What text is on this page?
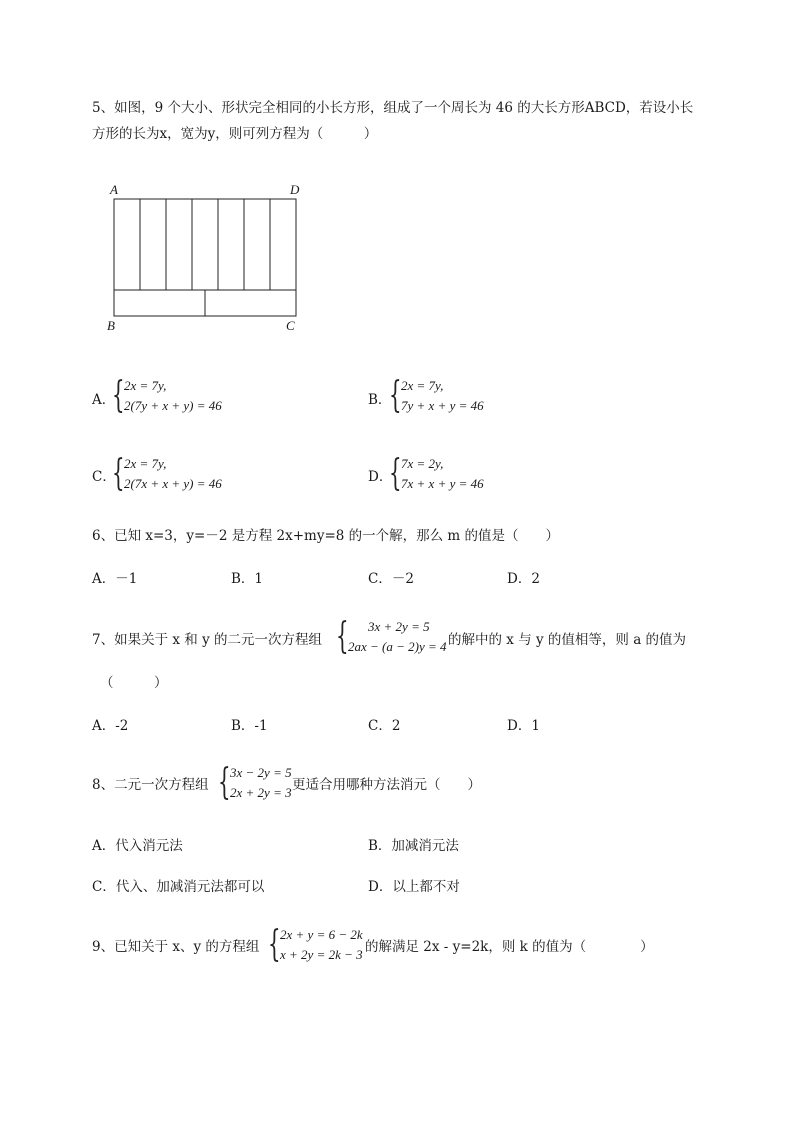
5、如图，9 个大小、形状完全相同的小长方形，组成了一个周长为 46 的大长方形ABCD，若设小长
方形的长为x，宽为y，则可列方程为（　　　）
A	D
B	C
A．
{ 2x = 7y,
2(7y + x + y) = 46	B．
{ 2x = 7y,
7y + x + y = 46
C．
{ 2x = 7y,
2(7x + x + y) = 46	D．
{ 7x = 2y,
7x + x + y = 46
6、已知 x=3，y=－2 是方程 2x+my=8 的一个解，那么 m 的值是（　　）
A．－1	B．1	C．－2	D．2
7、如果关于 x 和 y 的二元一次方程组 {	3x + 2y = 5
2ax − (a − 2)y = 4 的解中的 x 与 y 的值相等，则 a 的值为
（　　　）
A．-2	B．-1	C．2	D．1
8、二元一次方程组 { 3x − 2y = 5
2x + 2y = 3 更适合用哪种方法消元（　　）
A．代入消元法	B．加减消元法
C．代入、加减消元法都可以	D．以上都不对
9、已知关于 x、y 的方程组 { 2x + y = 6 − 2k
x + 2y = 2k − 3 的解满足 2x - y=2k，则 k 的值为（　　　　）
